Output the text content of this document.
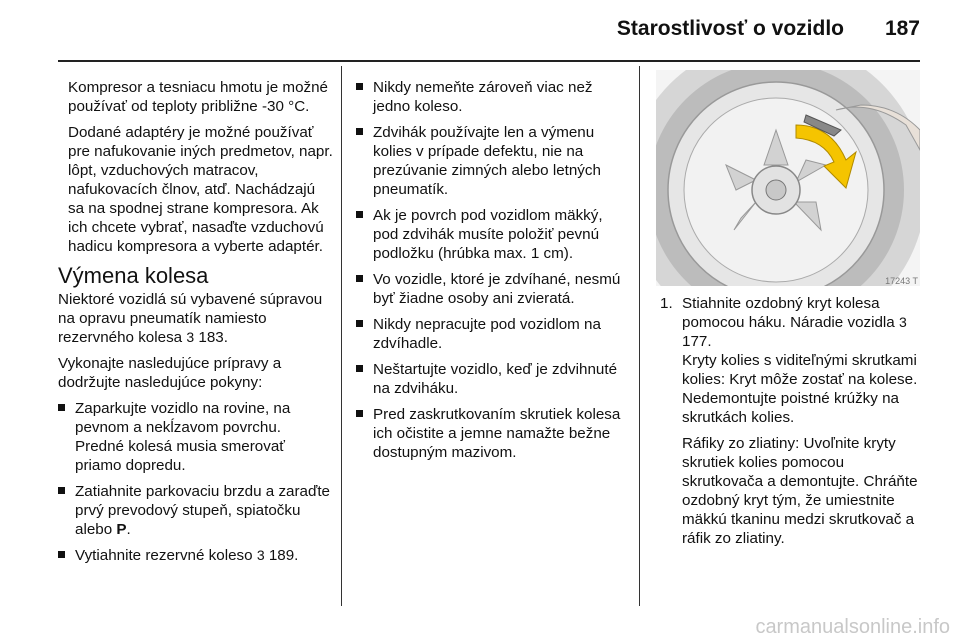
Starostlivosť o vozidlo	187

Kompresor a tesniacu hmotu je možné používať od teploty približne -30 °C.

Dodané adaptéry je možné používať pre nafukovanie iných predmetov, napr. lôpt, vzduchových matracov, nafukovacích člnov, atď. Nachádzajú sa na spodnej strane kompresora. Ak ich chcete vybrať, nasaďte vzduchovú hadicu kompresora a vyberte adaptér.

Výmena kolesa

Niektoré vozidlá sú vybavené súpravou na opravu pneumatík namiesto rezervného kolesa 3 183.

Vykonajte nasledujúce prípravy a dodržujte nasledujúce pokyny:

Zaparkujte vozidlo na rovine, na pevnom a nekĺzavom povrchu. Predné kolesá musia smerovať priamo dopredu.
Zatiahnite parkovaciu brzdu a zaraďte prvý prevodový stupeň, spiatočku alebo P.
Vytiahnite rezervné koleso 3 189.
Nikdy nemeňte zároveň viac než jedno koleso.
Zdvihák používajte len a výmenu kolies v prípade defektu, nie na prezúvanie zimných alebo letných pneumatík.
Ak je povrch pod vozidlom mäkký, pod zdvihák musíte položiť pevnú podložku (hrúbka max. 1 cm).
Vo vozidle, ktoré je zdvíhané, nesmú byť žiadne osoby ani zvieratá.
Nikdy nepracujte pod vozidlom na zdvíhadle.
Neštartujte vozidlo, keď je zdvihnuté na zdviháku.
Pred zaskrutkovaním skrutiek kolesa ich očistite a jemne namažte bežne dostupným mazivom.
17243 T
1. Stiahnite ozdobný kryt kolesa pomocou háku. Náradie vozidla 3 177.

Kryty kolies s viditeľnými skrutkami kolies: Kryt môže zostať na kolese. Nedemontujte poistné krúžky na skrutkách kolies.

Ráfiky zo zliatiny: Uvoľnite kryty skrutiek kolies pomocou skrutkovača a demontujte. Chráňte ozdobný kryt tým, že umiestnite mäkkú tkaninu medzi skrutkovač a ráfik zo zliatiny.

carmanualsonline.info
